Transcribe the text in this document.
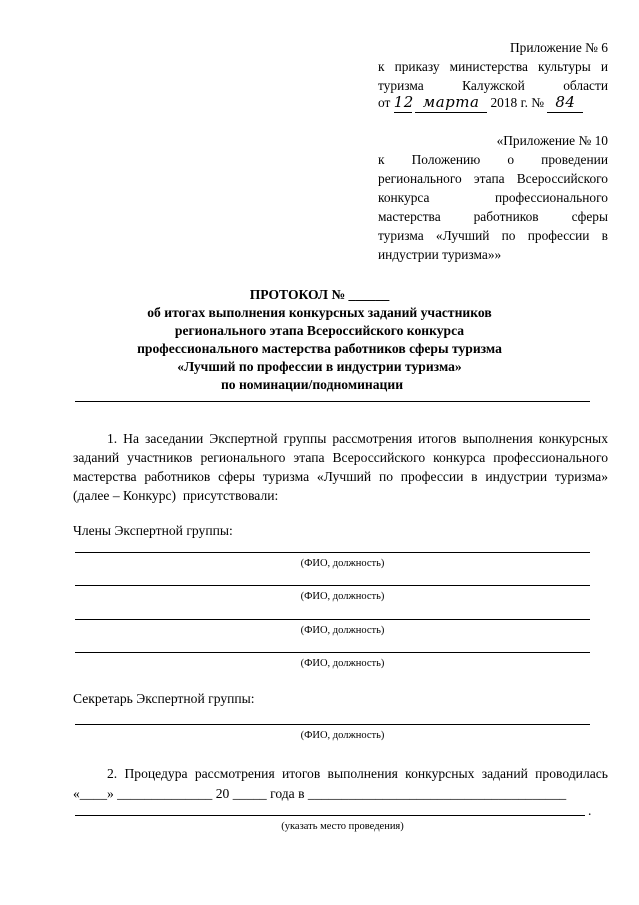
Приложение № 6
к приказу министерства культуры и
туризма Калужской области
от 12 марта 2018 г. № 84
«Приложение № 10
к Положению о проведении
регионального этапа Всероссийского
конкурса профессионального
мастерства работников сферы
туризма «Лучший по профессии в
индустрии туризма»»
ПРОТОКОЛ № ______
об итогах выполнения конкурсных заданий участников
регионального этапа Всероссийского конкурса
профессионального мастерства работников сферы туризма
«Лучший по профессии в индустрии туризма»
по номинации/подноминации
1. На заседании Экспертной группы рассмотрения итогов выполнения конкурсных
заданий участников регионального этапа Всероссийского конкурса профессионального
мастерства работников сферы туризма «Лучший по профессии в индустрии туризма»
(далее – Конкурс)  присутствовали:
Члены Экспертной группы:
(ФИО, должность)
(ФИО, должность)
(ФИО, должность)
(ФИО, должность)
Секретарь Экспертной группы:
(ФИО, должность)
2. Процедура рассмотрения итогов выполнения конкурсных заданий проводилась
«____» ______________ 20 _____ года в ______________________________________
.
(указать место проведения)
